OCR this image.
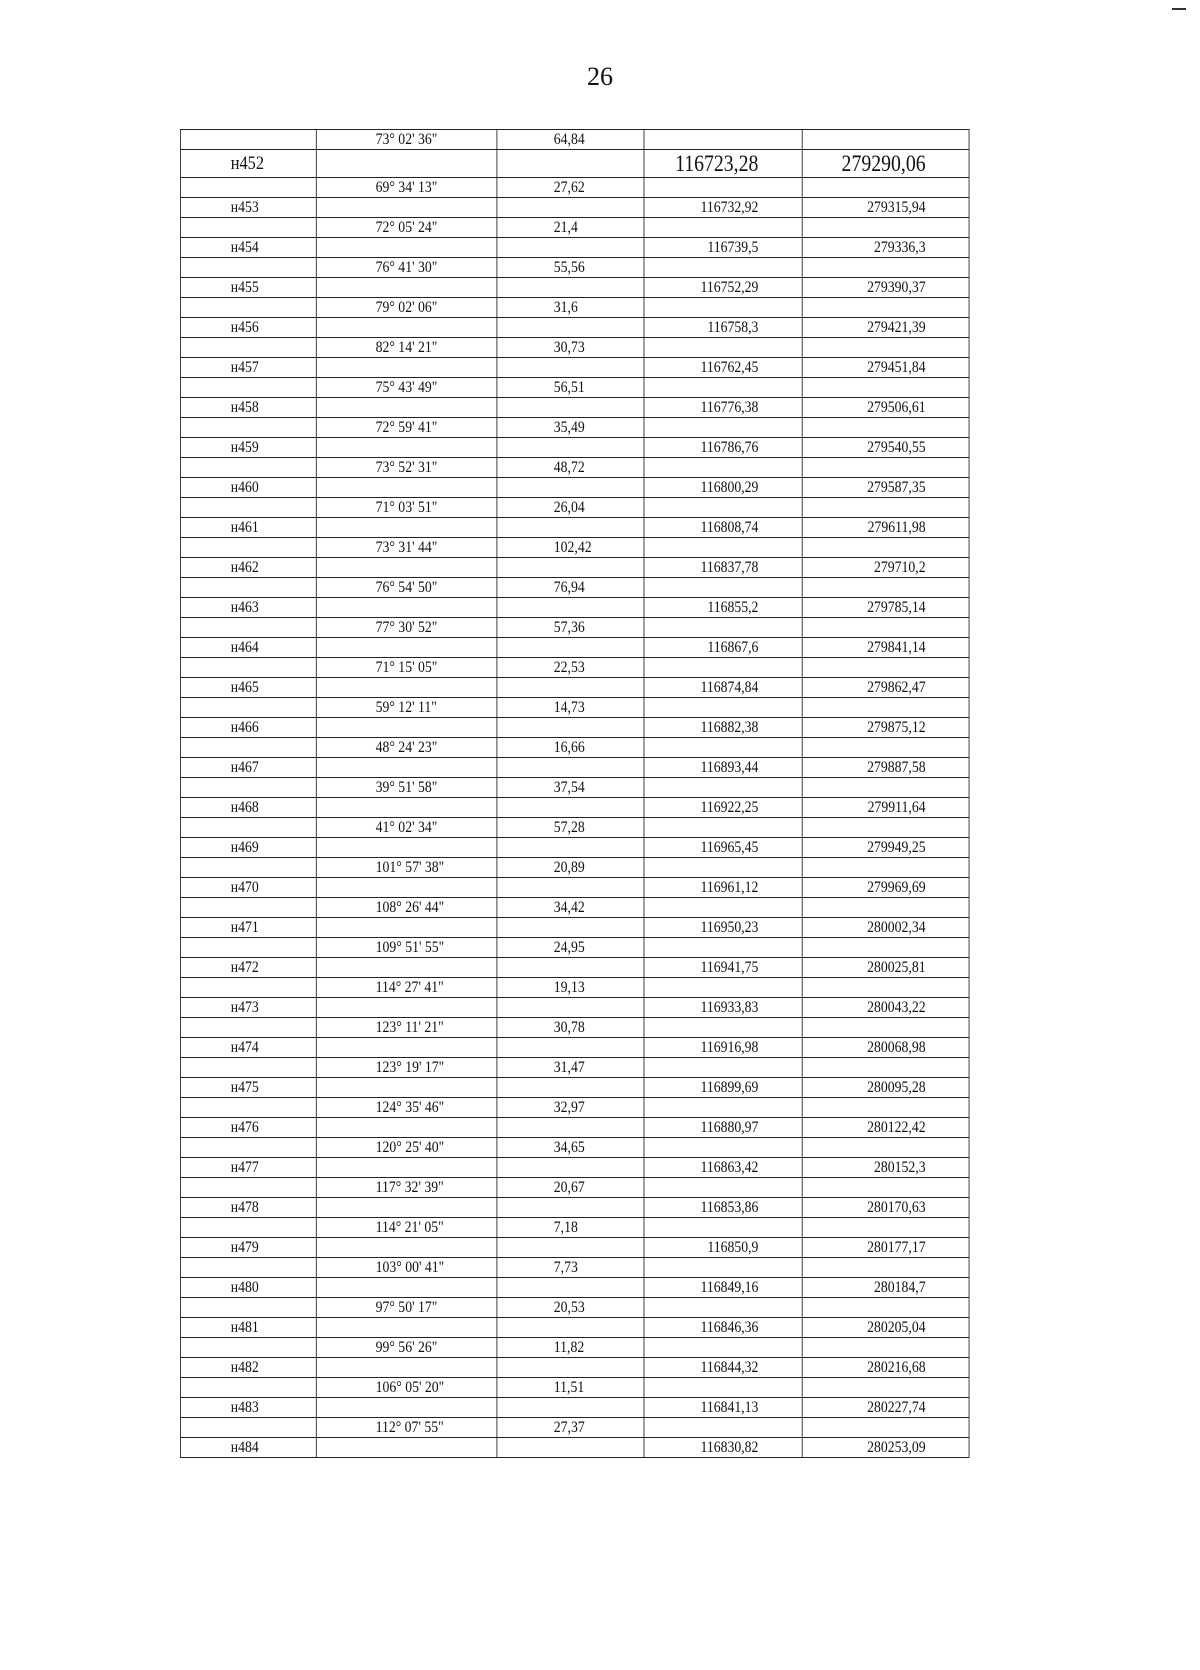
26
	73° 02' 36"	64,84		
н452			116723,28	279290,06
	69° 34' 13"	27,62		
н453			116732,92	279315,94
	72° 05' 24"	21,4		
н454			116739,5	279336,3
	76° 41' 30"	55,56		
н455			116752,29	279390,37
	79° 02' 06"	31,6		
н456			116758,3	279421,39
	82° 14' 21"	30,73		
н457			116762,45	279451,84
	75° 43' 49"	56,51		
н458			116776,38	279506,61
	72° 59' 41"	35,49		
н459			116786,76	279540,55
	73° 52' 31"	48,72		
н460			116800,29	279587,35
	71° 03' 51"	26,04		
н461			116808,74	279611,98
	73° 31' 44"	102,42		
н462			116837,78	279710,2
	76° 54' 50"	76,94		
н463			116855,2	279785,14
	77° 30' 52"	57,36		
н464			116867,6	279841,14
	71° 15' 05"	22,53		
н465			116874,84	279862,47
	59° 12' 11"	14,73		
н466			116882,38	279875,12
	48° 24' 23"	16,66		
н467			116893,44	279887,58
	39° 51' 58"	37,54		
н468			116922,25	279911,64
	41° 02' 34"	57,28		
н469			116965,45	279949,25
	101° 57' 38"	20,89		
н470			116961,12	279969,69
	108° 26' 44"	34,42		
н471			116950,23	280002,34
	109° 51' 55"	24,95		
н472			116941,75	280025,81
	114° 27' 41"	19,13		
н473			116933,83	280043,22
	123° 11' 21"	30,78		
н474			116916,98	280068,98
	123° 19' 17"	31,47		
н475			116899,69	280095,28
	124° 35' 46"	32,97		
н476			116880,97	280122,42
	120° 25' 40"	34,65		
н477			116863,42	280152,3
	117° 32' 39"	20,67		
н478			116853,86	280170,63
	114° 21' 05"	7,18		
н479			116850,9	280177,17
	103° 00' 41"	7,73		
н480			116849,16	280184,7
	97° 50' 17"	20,53		
н481			116846,36	280205,04
	99° 56' 26"	11,82		
н482			116844,32	280216,68
	106° 05' 20"	11,51		
н483			116841,13	280227,74
	112° 07' 55"	27,37		
н484			116830,82	280253,09
